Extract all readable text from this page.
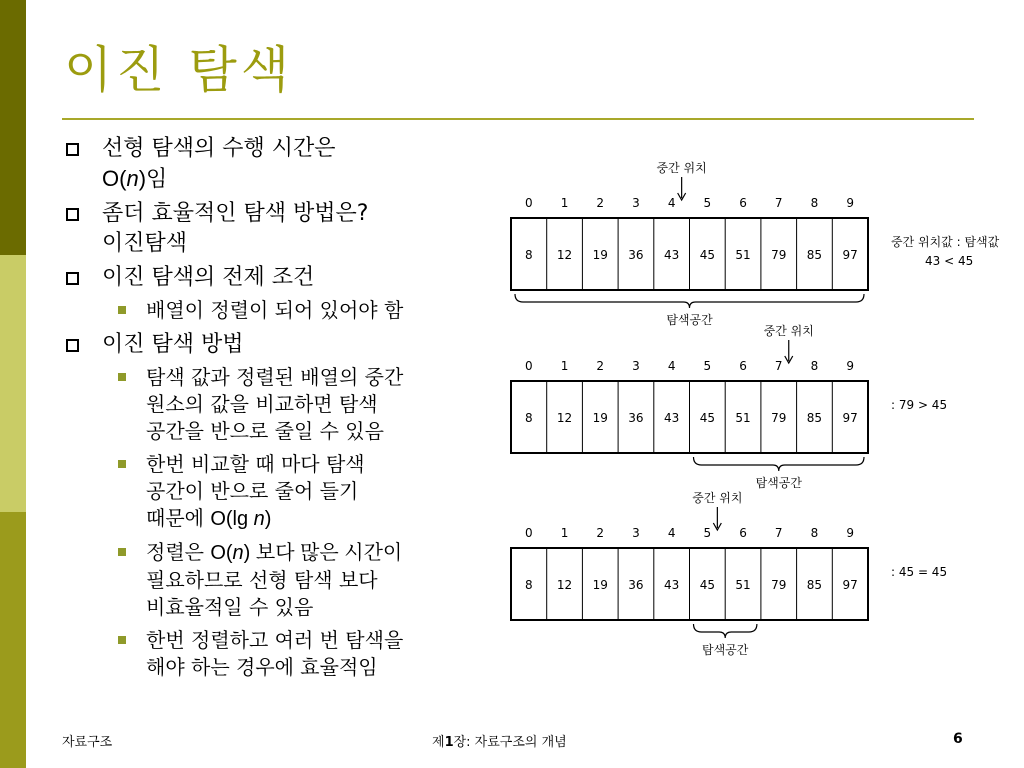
이진 탐색
선형 탐색의 수행 시간은
O(n)임
좀더 효율적인 탐색 방법은?
이진탐색
이진 탐색의 전제 조건
배열이 정렬이 되어 있어야 함
이진 탐색 방법
탐색 값과 정렬된 배열의 중간
원소의 값을 비교하면 탐색
공간을 반으로 줄일 수 있음
한번 비교할 때 마다 탐색
공간이 반으로 줄어 들기
때문에 O(lg n)
정렬은 O(n) 보다 많은 시간이
필요하므로 선형 탐색 보다
비효율적일 수 있음
한번 정렬하고 여러 번 탐색을
해야 하는 경우에 효율적임
0 1 2 3 4 5 6 7 8 9
8 12 19 36 43 45 51 79 85 97
중간 위치
탐색공간
중간 위치값 : 탐색값
43 < 45
0 1 2 3 4 5 6 7 8 9
8 12 19 36 43 45 51 79 85 97
중간 위치
탐색공간
: 79 > 45
0 1 2 3 4 5 6 7 8 9
8 12 19 36 43 45 51 79 85 97
중간 위치
탐색공간
: 45 = 45
자료구조	제1장: 자료구조의 개념	6
